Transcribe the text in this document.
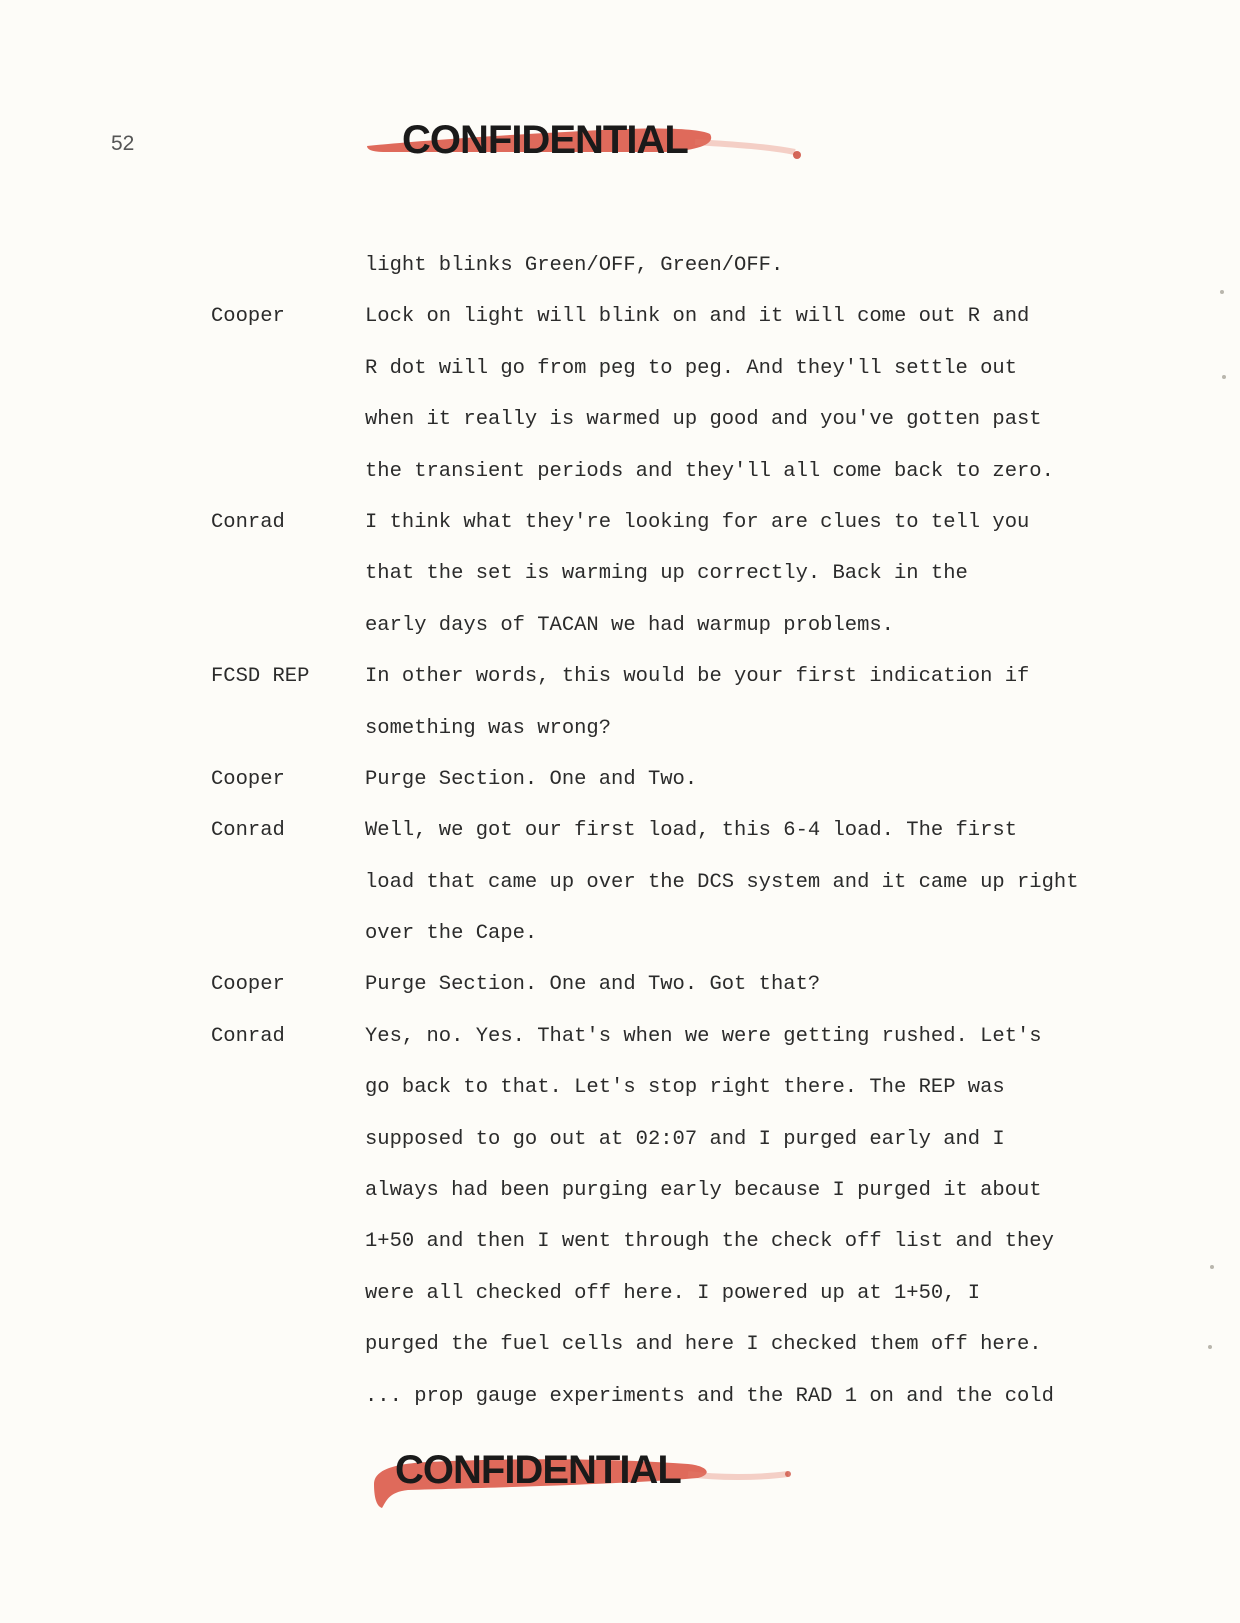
52	CONFIDENTIAL
light blinks Green/OFF, Green/OFF.
Cooper	Lock on light will blink on and it will come out R and
R dot will go from peg to peg. And they'll settle out
when it really is warmed up good and you've gotten past
the transient periods and they'll all come back to zero.
Conrad	I think what they're looking for are clues to tell you
that the set is warming up correctly. Back in the
early days of TACAN we had warmup problems.
FCSD REP	In other words, this would be your first indication if
something was wrong?
Cooper	Purge Section. One and Two.
Conrad	Well, we got our first load, this 6-4 load. The first
load that came up over the DCS system and it came up right
over the Cape.
Cooper	Purge Section. One and Two. Got that?
Conrad	Yes, no. Yes. That's when we were getting rushed. Let's
go back to that. Let's stop right there. The REP was
supposed to go out at 02:07 and I purged early and I
always had been purging early because I purged it about
1+50 and then I went through the check off list and they
were all checked off here. I powered up at 1+50, I
purged the fuel cells and here I checked them off here.
... prop gauge experiments and the RAD 1 on and the cold
CONFIDENTIAL
